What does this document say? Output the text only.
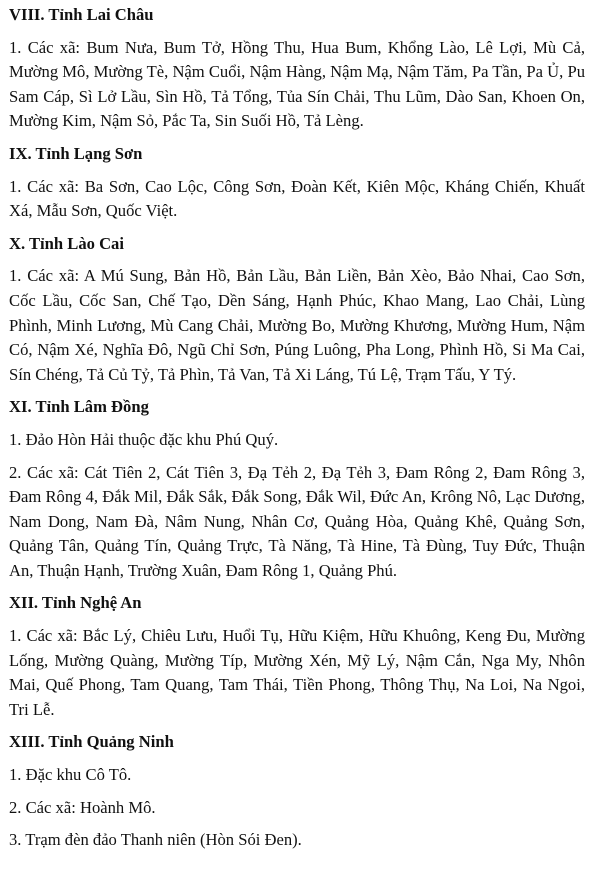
VIII. Tỉnh Lai Châu
1. Các xã: Bum Nưa, Bum Tở, Hồng Thu, Hua Bum, Khổng Lào, Lê Lợi, Mù Cả, Mường Mô, Mường Tè, Nậm Cuổi, Nậm Hàng, Nậm Mạ, Nậm Tăm, Pa Tần, Pa Ủ, Pu Sam Cáp, Sì Lở Lầu, Sìn Hồ, Tả Tổng, Tủa Sín Chải, Thu Lũm, Dào San, Khoen On, Mường Kim, Nậm Sỏ, Pắc Ta, Sin Suối Hồ, Tả Lèng.
IX. Tỉnh Lạng Sơn
1. Các xã: Ba Sơn, Cao Lộc, Công Sơn, Đoàn Kết, Kiên Mộc, Kháng Chiến, Khuất Xá, Mẫu Sơn, Quốc Việt.
X. Tỉnh Lào Cai
1. Các xã: A Mú Sung, Bản Hồ, Bản Lầu, Bản Liền, Bản Xèo, Bảo Nhai, Cao Sơn, Cốc Lầu, Cốc San, Chế Tạo, Dền Sáng, Hạnh Phúc, Khao Mang, Lao Chải, Lùng Phình, Minh Lương, Mù Cang Chải, Mường Bo, Mường Khương, Mường Hum, Nậm Có, Nậm Xé, Nghĩa Đô, Ngũ Chỉ Sơn, Púng Luông, Pha Long, Phình Hồ, Si Ma Cai, Sín Chéng, Tả Củ Tỷ, Tả Phìn, Tả Van, Tả Xi Láng, Tú Lệ, Trạm Tấu, Y Tý.
XI. Tỉnh Lâm Đồng
1. Đảo Hòn Hải thuộc đặc khu Phú Quý.
2. Các xã: Cát Tiên 2, Cát Tiên 3, Đạ Tẻh 2, Đạ Tẻh 3, Đam Rông 2, Đam Rông 3, Đam Rông 4, Đắk Mil, Đắk Sắk, Đắk Song, Đắk Wil, Đức An, Krông Nô, Lạc Dương, Nam Dong, Nam Đà, Nâm Nung, Nhân Cơ, Quảng Hòa, Quảng Khê, Quảng Sơn, Quảng Tân, Quảng Tín, Quảng Trực, Tà Năng, Tà Hine, Tà Đùng, Tuy Đức, Thuận An, Thuận Hạnh, Trường Xuân, Đam Rông 1, Quảng Phú.
XII. Tỉnh Nghệ An
1. Các xã: Bắc Lý, Chiêu Lưu, Huổi Tụ, Hữu Kiệm, Hữu Khuông, Keng Đu, Mường Lống, Mường Quàng, Mường Típ, Mường Xén, Mỹ Lý, Nậm Cắn, Nga My, Nhôn Mai, Quế Phong, Tam Quang, Tam Thái, Tiền Phong, Thông Thụ, Na Loi, Na Ngoi, Tri Lễ.
XIII. Tỉnh Quảng Ninh
1. Đặc khu Cô Tô.
2. Các xã: Hoành Mô.
3. Trạm đèn đảo Thanh niên (Hòn Sói Đen).
